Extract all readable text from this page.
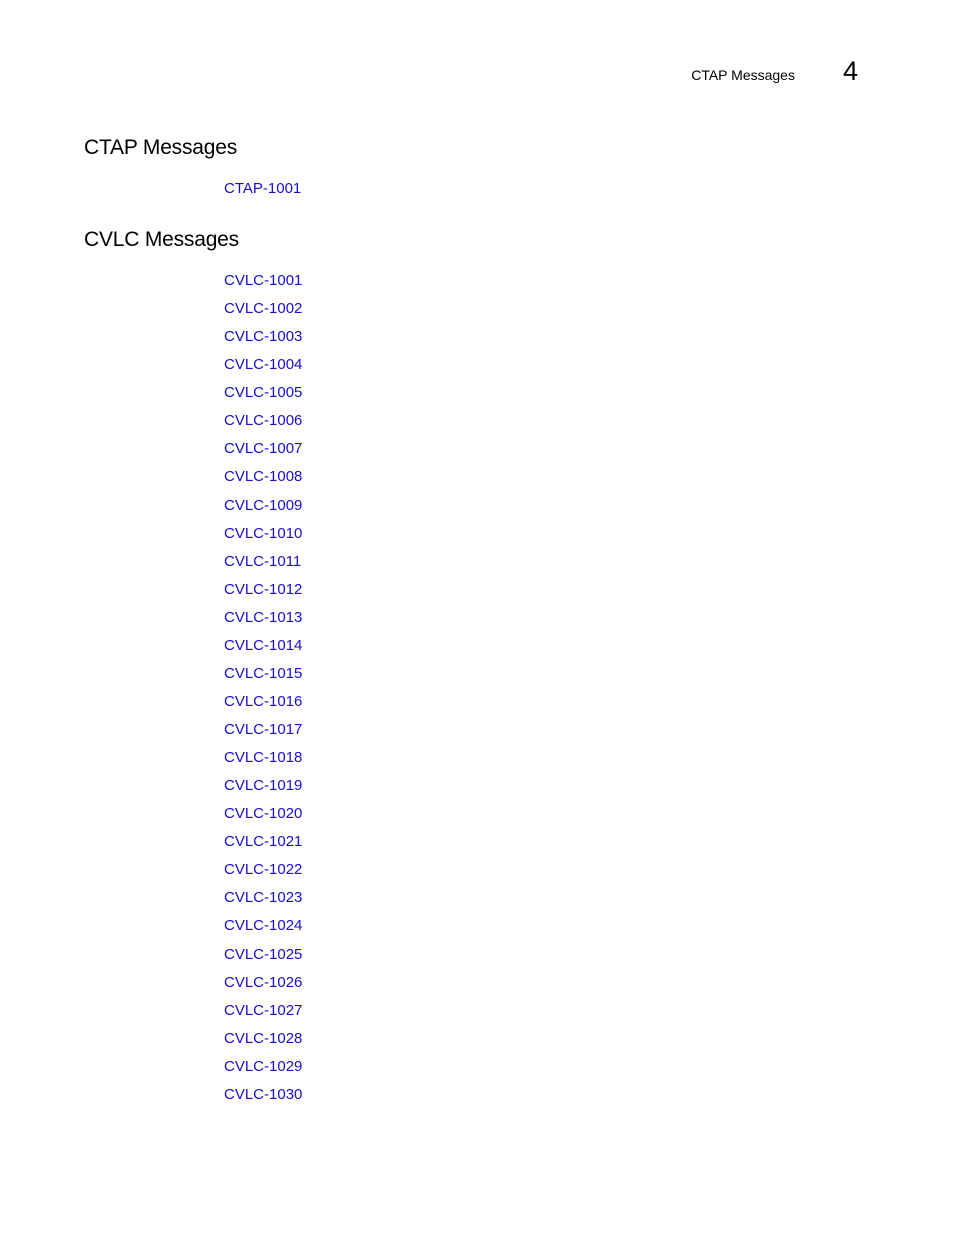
CTAP Messages 4
CTAP Messages
CTAP-1001
CVLC Messages
CVLC-1001
CVLC-1002
CVLC-1003
CVLC-1004
CVLC-1005
CVLC-1006
CVLC-1007
CVLC-1008
CVLC-1009
CVLC-1010
CVLC-1011
CVLC-1012
CVLC-1013
CVLC-1014
CVLC-1015
CVLC-1016
CVLC-1017
CVLC-1018
CVLC-1019
CVLC-1020
CVLC-1021
CVLC-1022
CVLC-1023
CVLC-1024
CVLC-1025
CVLC-1026
CVLC-1027
CVLC-1028
CVLC-1029
CVLC-1030
